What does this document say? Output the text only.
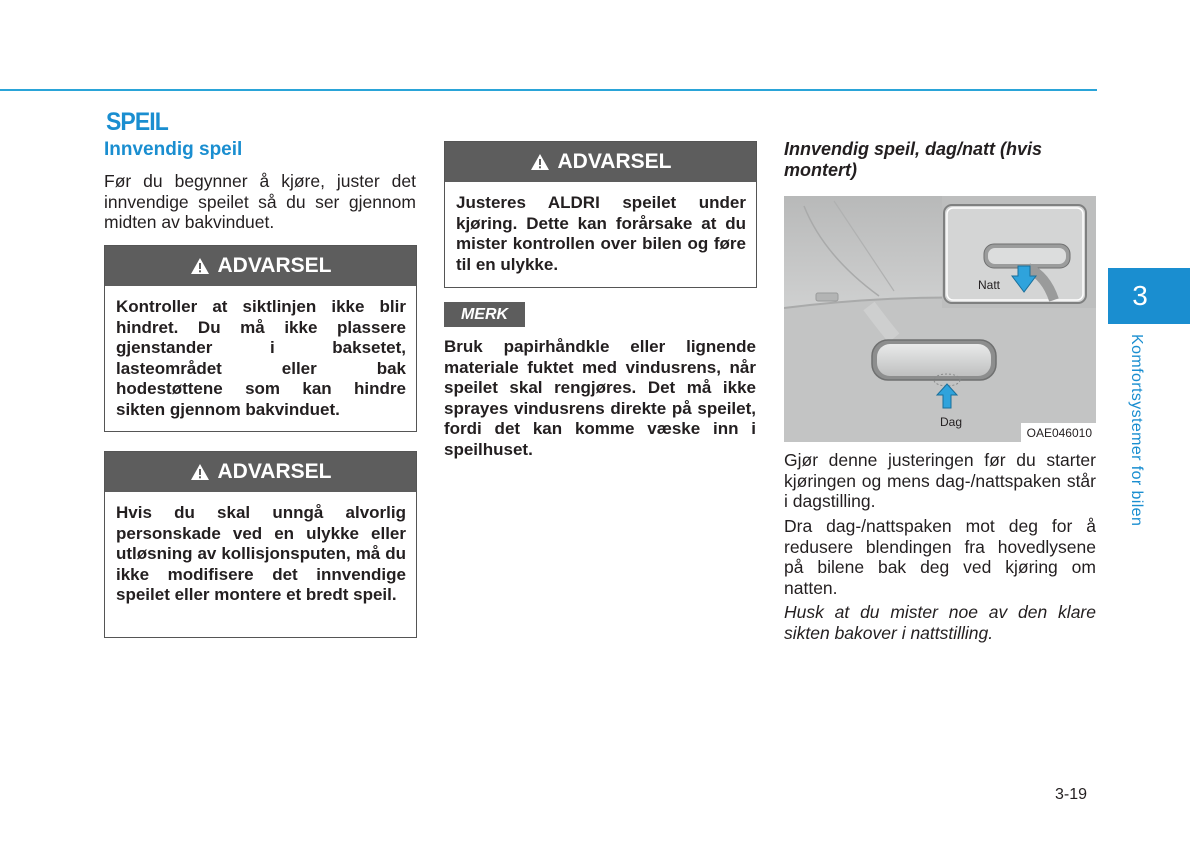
SPEIL
Innvendig speil

Før du begynner å kjøre, juster det innvendige speilet så du ser gjennom midten av bakvinduet.

ADVARSEL
Kontroller at siktlinjen ikke blir hindret. Du må ikke plassere gjenstander i baksetet, lasteområdet eller bak hodestøttene som kan hindre sikten gjennom bakvinduet.
ADVARSEL
Hvis du skal unngå alvorlig personskade ved en ulykke eller utløsning av kollisjonsputen, må du ikke modifisere det innvendige speilet eller montere et bredt speil.
ADVARSEL
Justeres ALDRI speilet under kjøring. Dette kan forårsake at du mister kontrollen over bilen og føre til en ulykke.
MERK

Bruk papirhåndkle eller lignende materiale fuktet med vindusrens, når speilet skal rengjøres. Det må ikke sprayes vindusrens direkte på speilet, fordi det kan komme væske inn i speilhuset.

Innvendig speil, dag/natt (hvis montert)

Natt
Dag
OAE046010

Gjør denne justeringen før du starter kjøringen og mens dag-/nattspaken står i dagstilling.

Dra dag-/nattspaken mot deg for å redusere blendingen fra hovedlysene på bilene bak deg ved kjøring om natten.

Husk at du mister noe av den klare sikten bakover i nattstilling.

3
Komfortsystemer for bilen
3-19
